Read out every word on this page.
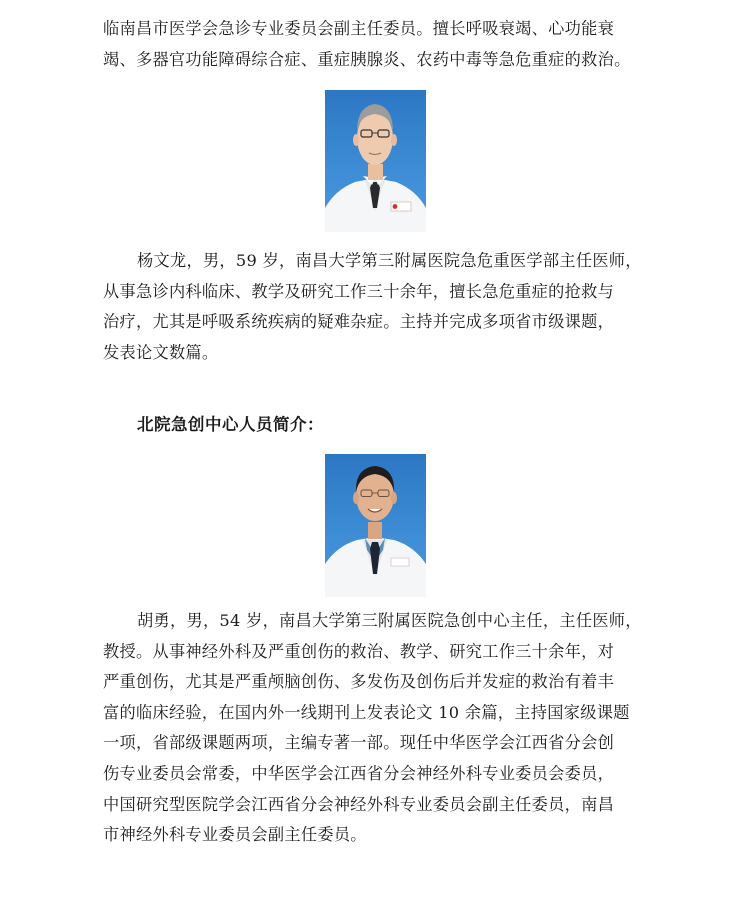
临南昌市医学会急诊专业委员会副主任委员。擅长呼吸衰竭、心功能衰
竭、多器官功能障碍综合症、重症胰腺炎、农药中毒等急危重症的救治。

杨文龙，男，59 岁，南昌大学第三附属医院急危重医学部主任医师，
从事急诊内科临床、教学及研究工作三十余年，擅长急危重症的抢救与
治疗，尤其是呼吸系统疾病的疑难杂症。主持并完成多项省市级课题，
发表论文数篇。

北院急创中心人员简介：

胡勇，男，54 岁，南昌大学第三附属医院急创中心主任，主任医师，
教授。从事神经外科及严重创伤的救治、教学、研究工作三十余年，对
严重创伤，尤其是严重颅脑创伤、多发伤及创伤后并发症的救治有着丰
富的临床经验，在国内外一线期刊上发表论文 10 余篇，主持国家级课题
一项，省部级课题两项，主编专著一部。现任中华医学会江西省分会创
伤专业委员会常委，中华医学会江西省分会神经外科专业委员会委员，
中国研究型医院学会江西省分会神经外科专业委员会副主任委员，南昌
市神经外科专业委员会副主任委员。
